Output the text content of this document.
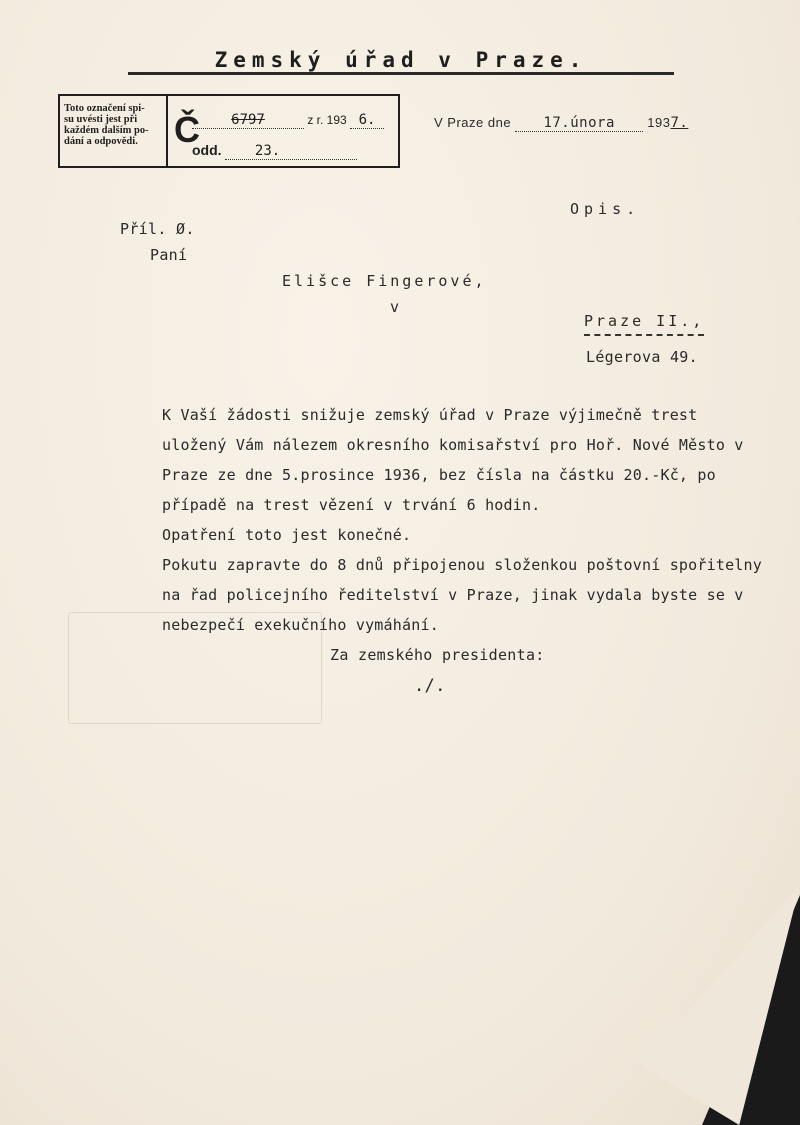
Zemský úřad v Praze.
Toto označení spi-
su uvésti jest při
každém dalším po-
dání a odpovědi.	Č	6797	z r. 193 6.
odd. 23.
V Praze dne 17.února 1937.
Opis.
Příl. Ø.
Paní
Elišce Fingerové,
v
Praze II.,
Légerova 49.

K Vaší žádosti snižuje zemský úřad v Praze výjimečně trest uložený Vám nálezem okresního komisařství pro Hoř. Nové Město v Praze ze dne 5.prosince 1936, bez čísla na částku 20.-Kč, po případě na trest vězení v trvání 6 hodin.

Opatření toto jest konečné.

Pokutu zapravte do 8 dnů připojenou složenkou poštovní spořitelny na řad policejního ředitelství v Praze, jinak vydala byste se v nebezpečí exekučního vymáhání.

Za zemského presidenta:
./.
